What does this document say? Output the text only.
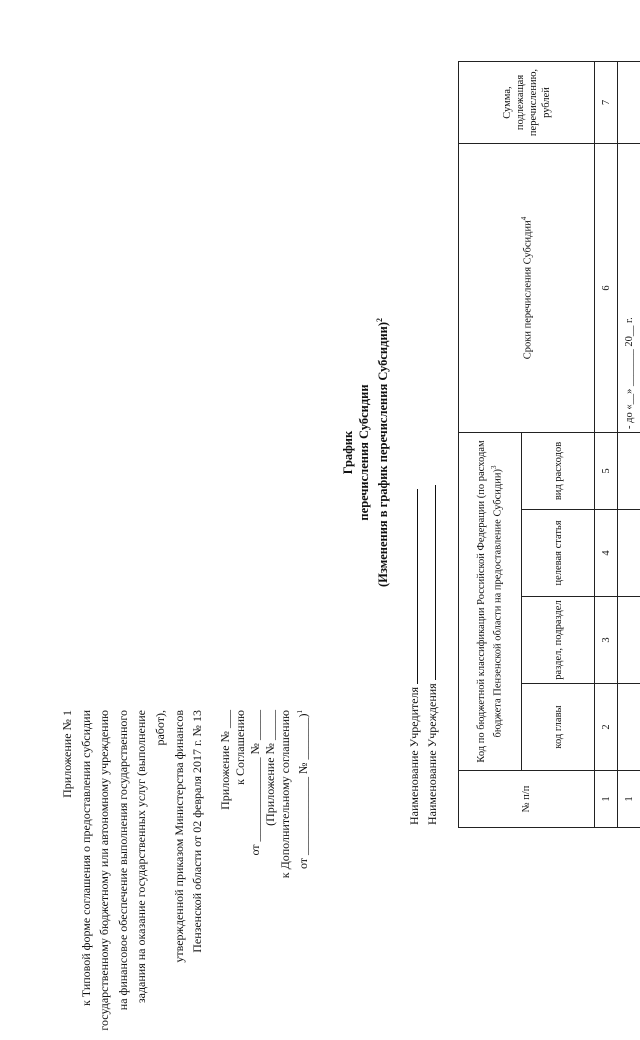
Приложение № 1 к Типовой форме соглашения о предоставлении субсидии государственному бюджетному или автономному учреждению на финансовое обеспечение выполнения государственного задания на оказание государственных услуг (выполнение работ), утвержденной приказом Министерства финансов Пензенской области от 02 февраля 2017 г. № 13 Приложение № ___ к Соглашению от ______________ № _____ (Приложение № _____ к Дополнительному соглашению от _____________ № _______)$^1$
График перечисления Субсидии (Изменения в график перечисления Субсидии)$^2$
Наименование Учредителя Наименование Учреждения	№ п/п	Код по бюджетной классификации Российской Федерации (по расходам бюджета Пензенской области на предоставление Субсидии)$^3$				Сроки перечисления Субсидии$^4$	Сумма, подлежащая перечислению, рублей
	код главы	раздел, подраздел	целевая статья	вид расходов		
1	2	3	4	5	6	7
1					- до «__» _______ 20__ г.	
